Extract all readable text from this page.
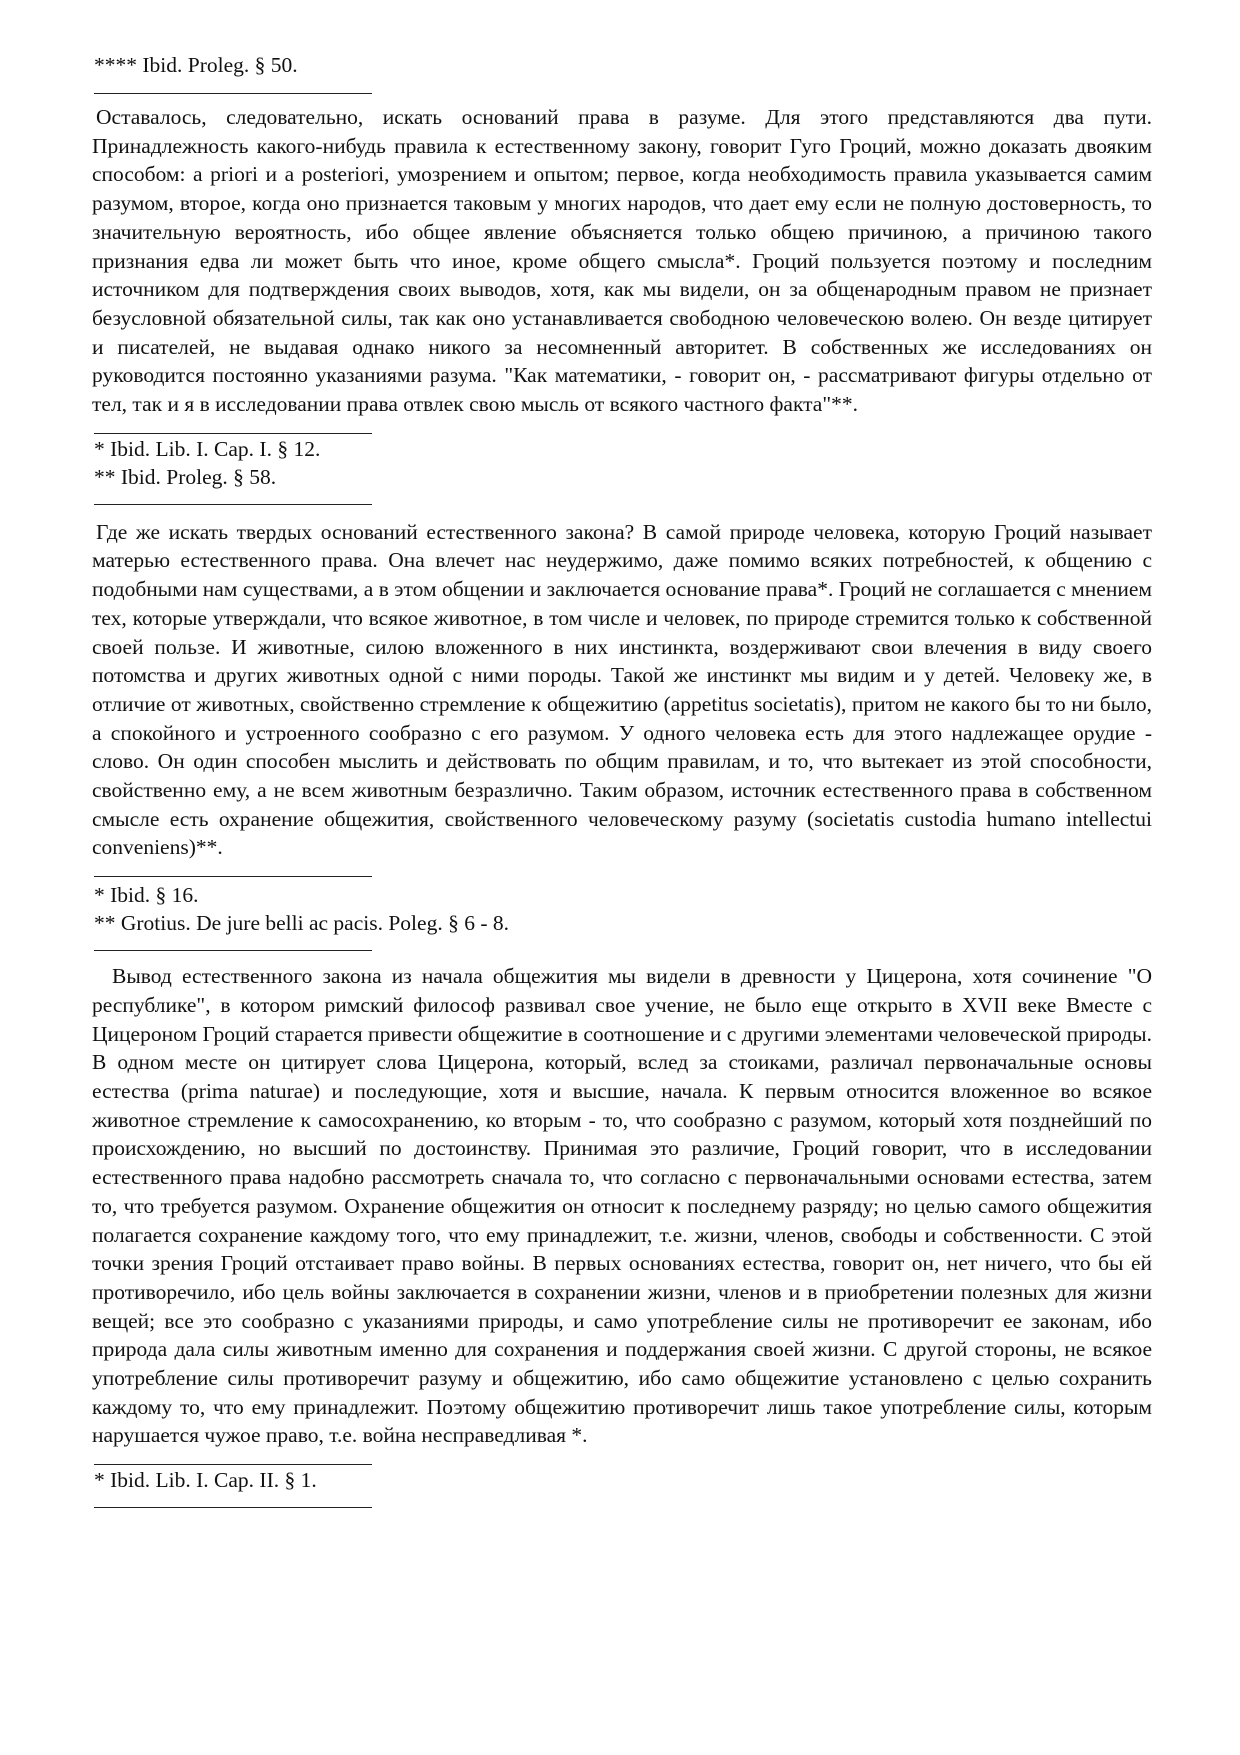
**** Ibid. Proleg. § 50.

Оставалось, следовательно, искать оснований права в разуме. Для этого представляются два пути. Принадлежность какого-нибудь правила к естественному закону, говорит Гуго Гроций, можно доказать двояким способом: a priori и a posteriori, умозрением и опытом; первое, когда необходимость правила указывается самим разумом, второе, когда оно признается таковым у многих народов, что дает ему если не полную достоверность, то значительную вероятность, ибо общее явление объясняется только общею причиною, а причиною такого признания едва ли может быть что иное, кроме общего смысла*. Гроций пользуется поэтому и последним источником для подтверждения своих выводов, хотя, как мы видели, он за общенародным правом не признает безусловной обязательной силы, так как оно устанавливается свободною человеческою волею. Он везде цитирует и писателей, не выдавая однако никого за несомненный авторитет. В собственных же исследованиях он руководится постоянно указаниями разума. "Как математики, - говорит он, - рассматривают фигуры отдельно от тел, так и я в исследовании права отвлек свою мысль от всякого частного факта"**.

* Ibid. Lib. I. Cap. I. § 12.

** Ibid. Proleg. § 58.

Где же искать твердых оснований естественного закона? В самой природе человека, которую Гроций называет матерью естественного права. Она влечет нас неудержимо, даже помимо всяких потребностей, к общению с подобными нам существами, а в этом общении и заключается основание права*. Гроций не соглашается с мнением тех, которые утверждали, что всякое животное, в том числе и человек, по природе стремится только к собственной своей пользе. И животные, силою вложенного в них инстинкта, воздерживают свои влечения в виду своего потомства и других животных одной с ними породы. Такой же инстинкт мы видим и у детей. Человеку же, в отличие от животных, свойственно стремление к общежитию (appetitus societatis), притом не какого бы то ни было, а спокойного и устроенного сообразно с его разумом. У одного человека есть для этого надлежащее орудие - слово. Он один способен мыслить и действовать по общим правилам, и то, что вытекает из этой способности, свойственно ему, а не всем животным безразлично. Таким образом, источник естественного права в собственном смысле есть охранение общежития, свойственного человеческому разуму (societatis custodia humano intellectui conveniens)**.

* Ibid. § 16.

** Grotius. De jure belli ac pacis. Poleg. § 6 - 8.

Вывод естественного закона из начала общежития мы видели в древности у Цицерона, хотя сочинение "О республике", в котором римский философ развивал свое учение, не было еще открыто в XVII веке Вместе с Цицероном Гроций старается привести общежитие в соотношение и с другими элементами человеческой природы. В одном месте он цитирует слова Цицерона, который, вслед за стоиками, различал первоначальные основы естества (prima naturae) и последующие, хотя и высшие, начала. К первым относится вложенное во всякое животное стремление к самосохранению, ко вторым - то, что сообразно с разумом, который хотя позднейший по происхождению, но высший по достоинству. Принимая это различие, Гроций говорит, что в исследовании естественного права надобно рассмотреть сначала то, что согласно с первоначальными основами естества, затем то, что требуется разумом. Охранение общежития он относит к последнему разряду; но целью самого общежития полагается сохранение каждому того, что ему принадлежит, т.е. жизни, членов, свободы и собственности. С этой точки зрения Гроций отстаивает право войны. В первых основаниях естества, говорит он, нет ничего, что бы ей противоречило, ибо цель войны заключается в сохранении жизни, членов и в приобретении полезных для жизни вещей; все это сообразно с указаниями природы, и само употребление силы не противоречит ее законам, ибо природа дала силы животным именно для сохранения и поддержания своей жизни. С другой стороны, не всякое употребление силы противоречит разуму и общежитию, ибо само общежитие установлено с целью сохранить каждому то, что ему принадлежит. Поэтому общежитию противоречит лишь такое употребление силы, которым нарушается чужое право, т.е. война несправедливая *.

* Ibid. Lib. I. Cap. II. § 1.
